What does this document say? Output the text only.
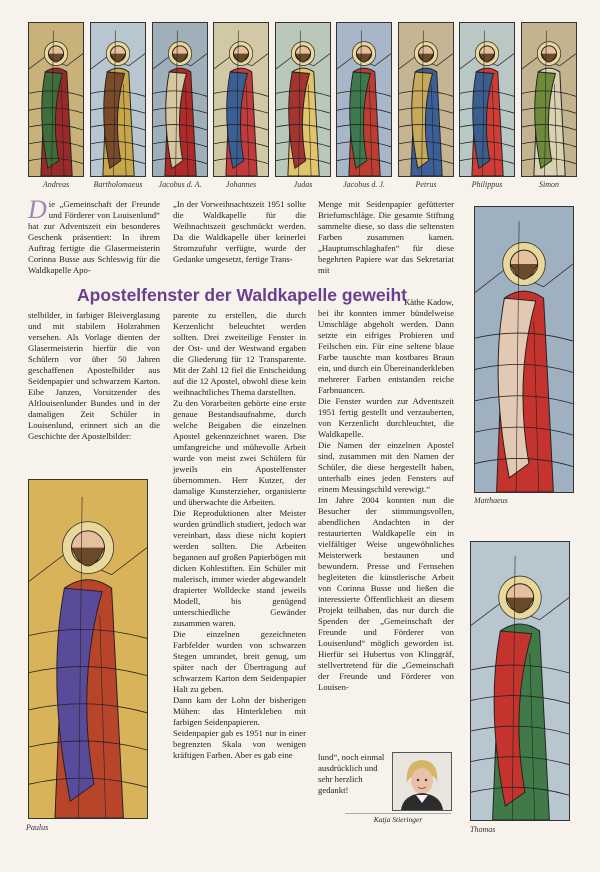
Andreas	Bartholomaeus	Jacobus d. A.	Johannes	Judas	Jacobus d. J.	Petrus	Philippus	Simon
Matthaeus
Paulus	Thomas
Die „Gemeinschaft der Freunde und Förderer von Louisenlund“ hat zur Adventszeit ein besonderes Geschenk präsentiert: In ihrem Auftrag fertigte die Glasermeisterin Corinna Busse aus Schleswig für die Waldkapelle Apo-
Apostelfenster der Waldkapelle geweiht

stelbilder, in farbiger Bleiverglasung und mit stabilem Holzrahmen versehen. Als Vorlage dienten der Glasermeisterin hierfür die von Schülern vor über 50 Jahren geschaffenen Apostelbilder aus Seidenpapier und schwarzem Karton. Eibe Janzen, Vorsitzender des Altlouisenlunder Bundes und in der damaligen Zeit Schüler in Louisenlund, erinnert sich an die Geschichte der Apostelbilder:

„In der Vorweihnachtszeit 1951 sollte die Waldkapelle für die Weihnachtszeit geschmückt werden. Da die Waldkapelle über keinerlei Stromzufuhr verfügte, wurde der Gedanke umgesetzt, fertige Trans-

parente zu erstellen, die durch Kerzenlicht beleuchtet werden sollten. Drei zweiteilige Fenster in der Ost- und der Westwand ergaben die Gliederung für 12 Transparente. Mit der Zahl 12 fiel die Entscheidung auf die 12 Apostel, obwohl diese kein weihnachtliches Thema darstellten.

Zu den Vorarbeiten gehörte eine erste genaue Bestandsaufnahme, durch welche Beigaben die einzelnen Apostel gekennzeichnet waren. Die umfangreiche und mühevolle Arbeit wurde von meist zwei Schülern für jeweils ein Apostelfenster übernommen. Herr Kutzer, der damalige Kunsterzieher, organisierte und überwachte die Arbeiten.

Die Reproduktionen alter Meister wurden gründlich studiert, jedoch war vereinbart, dass diese nicht kopiert werden sollten. Die Arbeiten begannen auf großen Papierbögen mit dicken Kohlestiften. Ein Schüler mit malerisch, immer wieder abgewandelt drapierter Wolldecke stand jeweils Modell, bis genügend unterschiedliche Gewänder zusammen waren.

Die einzelnen gezeichneten Farbfelder wurden von schwarzen Stegen umrandet, breit genug, um später nach der Übertragung auf schwarzem Karton dem Seidenpapier Halt zu geben.

Dann kam der Lohn der bisherigen Mühen: das Hinterkleben mit farbigen Seidenpapieren.

Seidenpapier gab es 1951 nur in einer begrenzten Skala von wenigen kräftigen Farben. Aber es gab eine

Menge mit Seidenpapier gefütterter Briefumschläge. Die gesamte Stiftung sammelte diese, so dass die seltensten Farben zusammen kamen. „Hauptumschlaghafen“ für diese begehrten Papiere war das Sekretariat mit

Käthe Kadow,

bei ihr konnten immer bündelweise Umschläge abgeholt werden. Dann setzte ein eifriges Probieren und Feilschen ein. Für eine seltene blaue Farbe tauschte man kostbares Braun ein, und durch ein Übereinanderkleben mehrerer Farben entstanden reiche Farbnuancen.

Die Fenster wurden zur Adventszeit 1951 fertig gestellt und verzauberten, von Kerzenlicht durchleuchtet, die Waldkapelle.

Die Namen der einzelnen Apostel sind, zusammen mit den Namen der Schüler, die diese hergestellt haben, unterhalb eines jeden Fensters auf einem Messingschild verewigt.“

Im Jahre 2004 konnten nun die Besucher der stimmungsvollen, abendlichen Andachten in der restaurierten Waldkapelle ein in vielfältiger Weise ungewöhnliches Meisterwerk bestaunen und bewundern. Presse und Fernsehen begleiteten die künstlerische Arbeit von Corinna Busse und ließen die interessierte Öffentlichkeit an diesem Projekt teilhaben, das nur durch die Spenden der „Gemeinschaft der Freunde und Förderer von Louisenlund“ möglich geworden ist. Hierfür sei Hubertus von Klinggräf, stellvertretend für die „Gemeinschaft der Freunde und Förderer von Louisen-

lund“, noch einmal ausdrücklich und sehr herzlich gedankt!

Katja Stieringer
